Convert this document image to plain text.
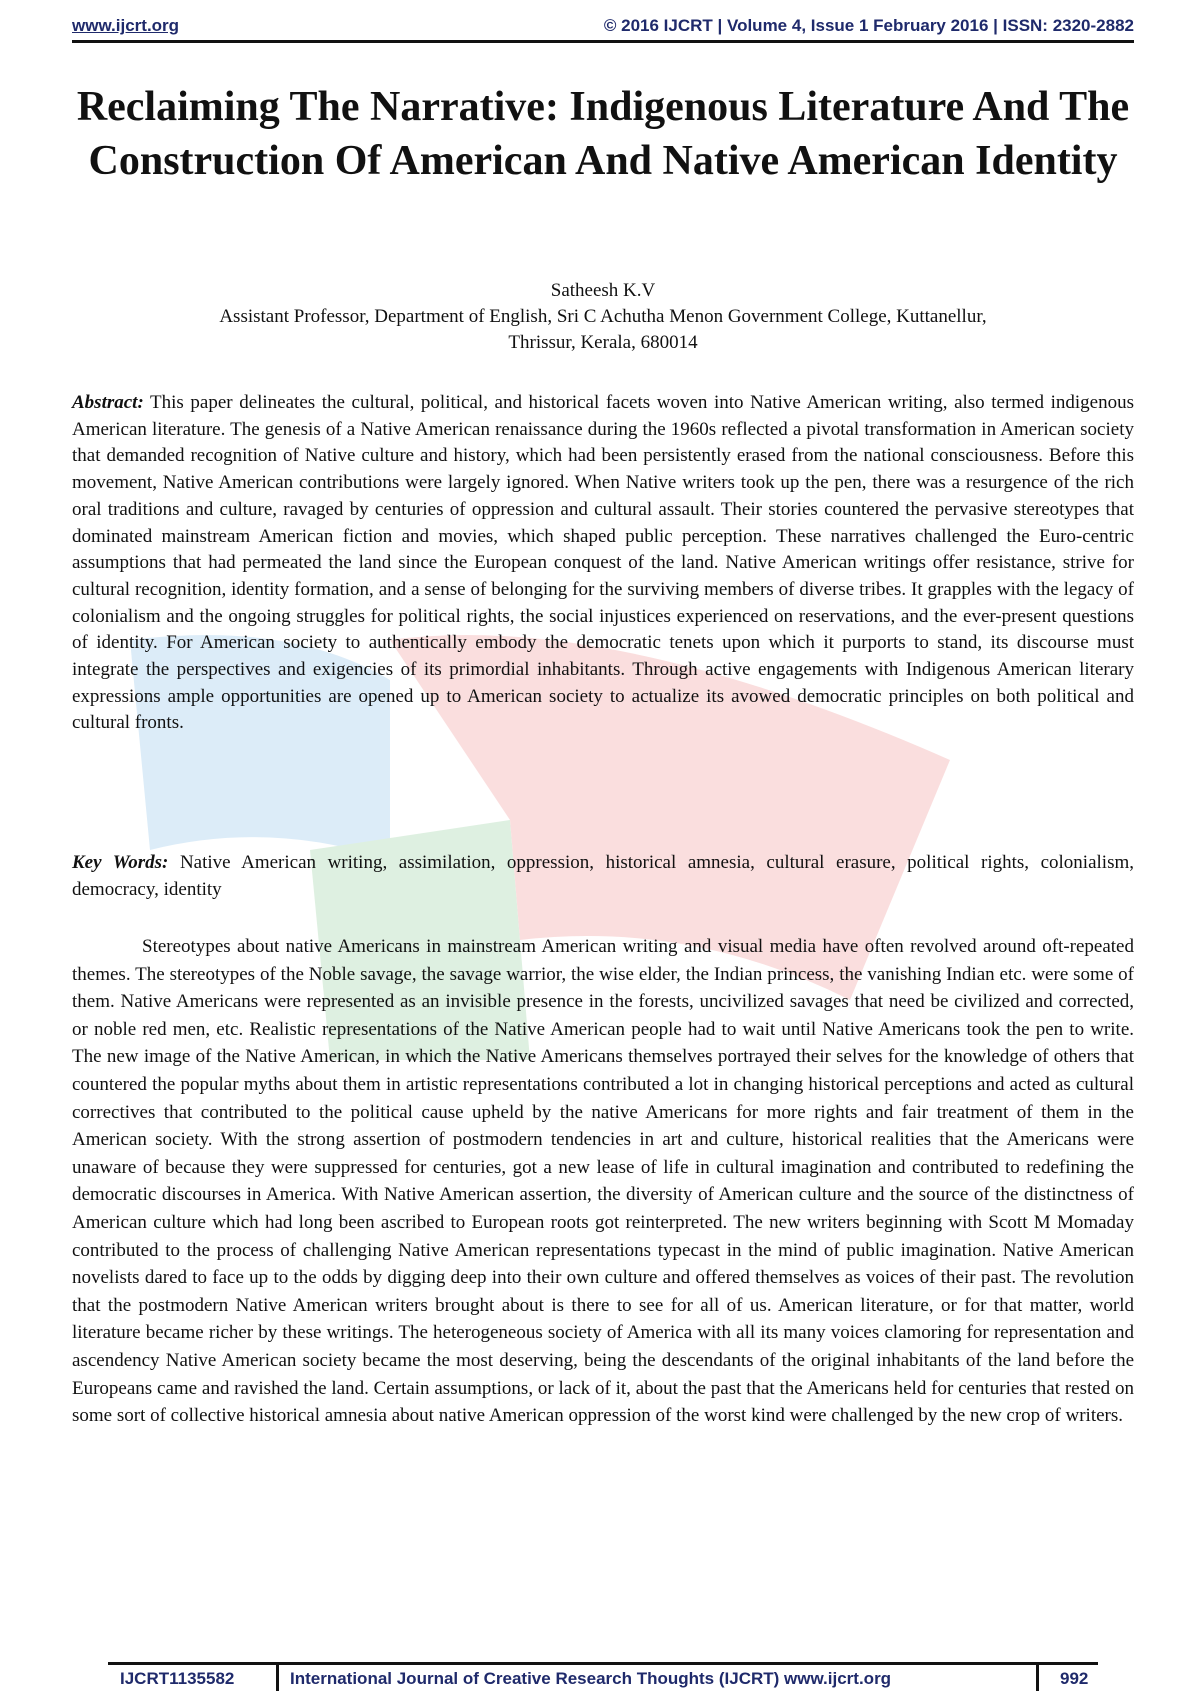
www.ijcrt.org	© 2016 IJCRT | Volume 4, Issue 1 February 2016 | ISSN: 2320-2882
Reclaiming The Narrative: Indigenous Literature And The Construction Of American And Native American Identity
Satheesh K.V
Assistant Professor, Department of English, Sri C Achutha Menon Government College, Kuttanellur,
Thrissur, Kerala, 680014

Abstract: This paper delineates the cultural, political, and historical facets woven into Native American writing, also termed indigenous American literature. The genesis of a Native American renaissance during the 1960s reflected a pivotal transformation in American society that demanded recognition of Native culture and history, which had been persistently erased from the national consciousness. Before this movement, Native American contributions were largely ignored. When Native writers took up the pen, there was a resurgence of the rich oral traditions and culture, ravaged by centuries of oppression and cultural assault. Their stories countered the pervasive stereotypes that dominated mainstream American fiction and movies, which shaped public perception. These narratives challenged the Euro-centric assumptions that had permeated the land since the European conquest of the land. Native American writings offer resistance, strive for cultural recognition, identity formation, and a sense of belonging for the surviving members of diverse tribes. It grapples with the legacy of colonialism and the ongoing struggles for political rights, the social injustices experienced on reservations, and the ever-present questions of identity. For American society to authentically embody the democratic tenets upon which it purports to stand, its discourse must integrate the perspectives and exigencies of its primordial inhabitants. Through active engagements with Indigenous American literary expressions ample opportunities are opened up to American society to actualize its avowed democratic principles on both political and cultural fronts.

Key Words: Native American writing, assimilation, oppression, historical amnesia, cultural erasure, political rights, colonialism, democracy, identity

Stereotypes about native Americans in mainstream American writing and visual media have often revolved around oft-repeated themes. The stereotypes of the Noble savage, the savage warrior, the wise elder, the Indian princess, the vanishing Indian etc. were some of them. Native Americans were represented as an invisible presence in the forests, uncivilized savages that need be civilized and corrected, or noble red men, etc. Realistic representations of the Native American people had to wait until Native Americans took the pen to write. The new image of the Native American, in which the Native Americans themselves portrayed their selves for the knowledge of others that countered the popular myths about them in artistic representations contributed a lot in changing historical perceptions and acted as cultural correctives that contributed to the political cause upheld by the native Americans for more rights and fair treatment of them in the American society. With the strong assertion of postmodern tendencies in art and culture, historical realities that the Americans were unaware of because they were suppressed for centuries, got a new lease of life in cultural imagination and contributed to redefining the democratic discourses in America. With Native American assertion, the diversity of American culture and the source of the distinctness of American culture which had long been ascribed to European roots got reinterpreted. The new writers beginning with Scott M Momaday contributed to the process of challenging Native American representations typecast in the mind of public imagination. Native American novelists dared to face up to the odds by digging deep into their own culture and offered themselves as voices of their past. The revolution that the postmodern Native American writers brought about is there to see for all of us. American literature, or for that matter, world literature became richer by these writings. The heterogeneous society of America with all its many voices clamoring for representation and ascendency Native American society became the most deserving, being the descendants of the original inhabitants of the land before the Europeans came and ravished the land. Certain assumptions, or lack of it, about the past that the Americans held for centuries that rested on some sort of collective historical amnesia about native American oppression of the worst kind were challenged by the new crop of writers.

IJCRT1135582	International Journal of Creative Research Thoughts (IJCRT) www.ijcrt.org	992
